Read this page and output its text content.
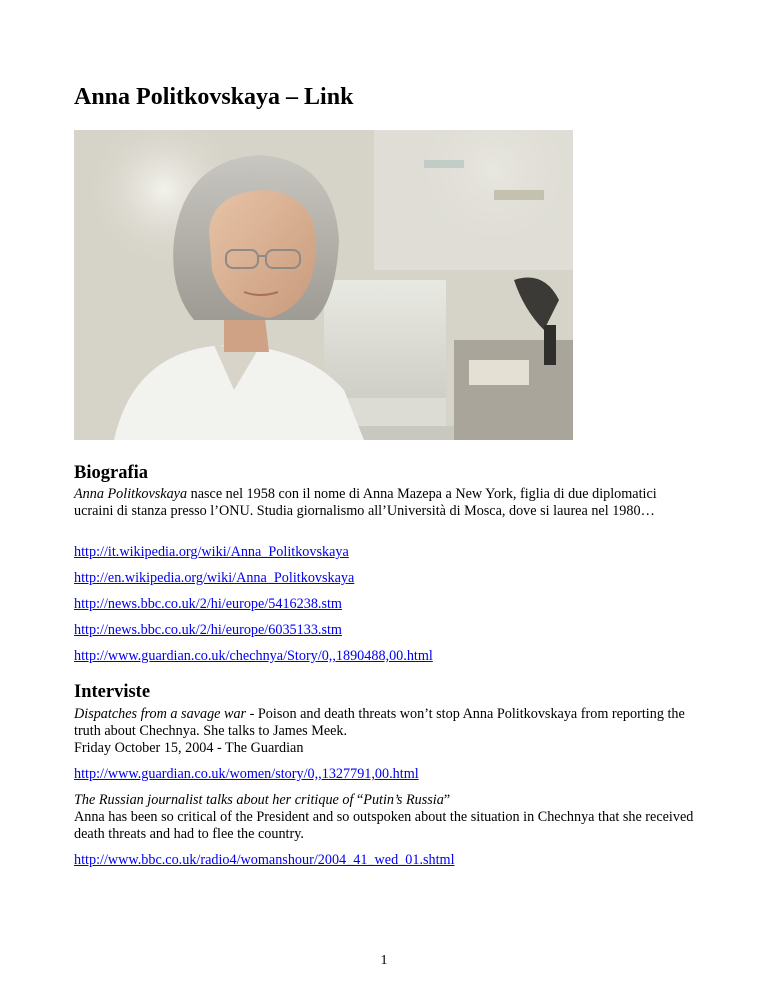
Anna Politkovskaya – Link
Biografia

Anna Politkovskaya nasce nel 1958 con il nome di Anna Mazepa a New York, figlia di due diplomatici ucraini di stanza presso l’ONU. Studia giornalismo all’Università di Mosca, dove si laurea nel 1980…

http://it.wikipedia.org/wiki/Anna_Politkovskaya
http://en.wikipedia.org/wiki/Anna_Politkovskaya
http://news.bbc.co.uk/2/hi/europe/5416238.stm
http://news.bbc.co.uk/2/hi/europe/6035133.stm
http://www.guardian.co.uk/chechnya/Story/0,,1890488,00.html
Interviste

Dispatches from a savage war - Poison and death threats won’t stop Anna Politkovskaya from reporting the truth about Chechnya. She talks to James Meek.
Friday October 15, 2004 - The Guardian

http://www.guardian.co.uk/women/story/0,,1327791,00.html

The Russian journalist talks about her critique of “Putin’s Russia”
Anna has been so critical of the President and so outspoken about the situation in Chechnya that she received death threats and had to flee the country.

http://www.bbc.co.uk/radio4/womanshour/2004_41_wed_01.shtml
1
